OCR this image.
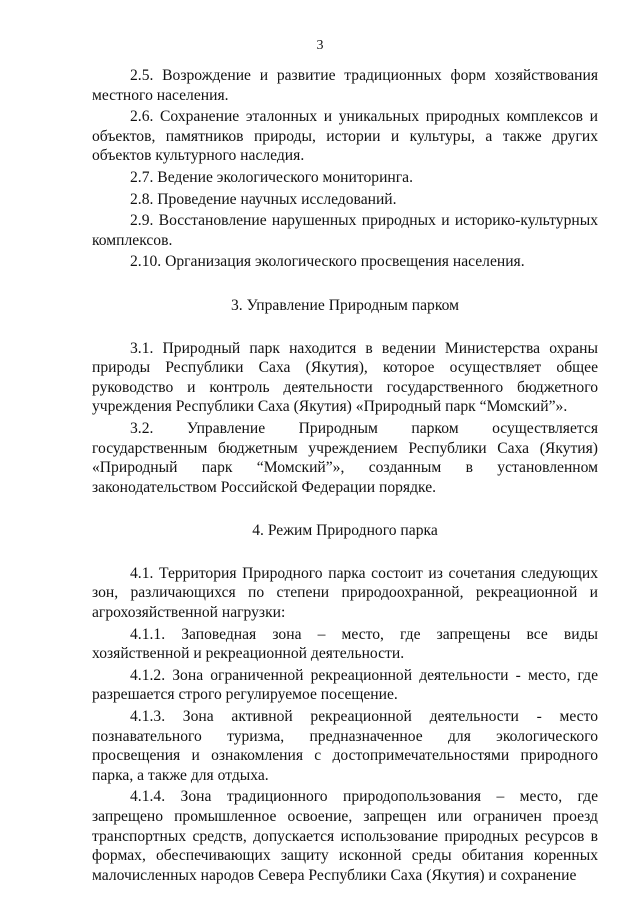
3

2.5. Возрождение и развитие традиционных форм хозяйствования местного населения.

2.6. Сохранение эталонных и уникальных природных комплексов и объектов, памятников природы, истории и культуры, а также других объектов культурного наследия.

2.7. Ведение экологического мониторинга.

2.8. Проведение научных исследований.

2.9. Восстановление нарушенных природных и историко-культурных комплексов.

2.10. Организация экологического просвещения населения.

3. Управление Природным парком

3.1. Природный парк находится в ведении Министерства охраны природы Республики Саха (Якутия), которое осуществляет общее руководство и контроль деятельности государственного бюджетного учреждения Республики Саха (Якутия) «Природный парк “Момский”».

3.2. Управление Природным парком осуществляется государственным бюджетным учреждением Республики Саха (Якутия) «Природный парк “Момский”», созданным в установленном законодательством Российской Федерации порядке.

4. Режим Природного парка

4.1. Территория Природного парка состоит из сочетания следующих зон, различающихся по степени природоохранной, рекреационной и агрохозяйственной нагрузки:

4.1.1. Заповедная зона – место, где запрещены все виды хозяйственной и рекреационной деятельности.

4.1.2. Зона ограниченной рекреационной деятельности - место, где разрешается строго регулируемое посещение.

4.1.3. Зона активной рекреационной деятельности - место познавательного туризма, предназначенное для экологического просвещения и ознакомления с достопримечательностями природного парка, а также для отдыха.

4.1.4. Зона традиционного природопользования – место, где запрещено промышленное освоение, запрещен или ограничен проезд транспортных средств, допускается использование природных ресурсов в формах, обеспечивающих защиту исконной среды обитания коренных малочисленных народов Севера Республики Саха (Якутия) и сохранение
